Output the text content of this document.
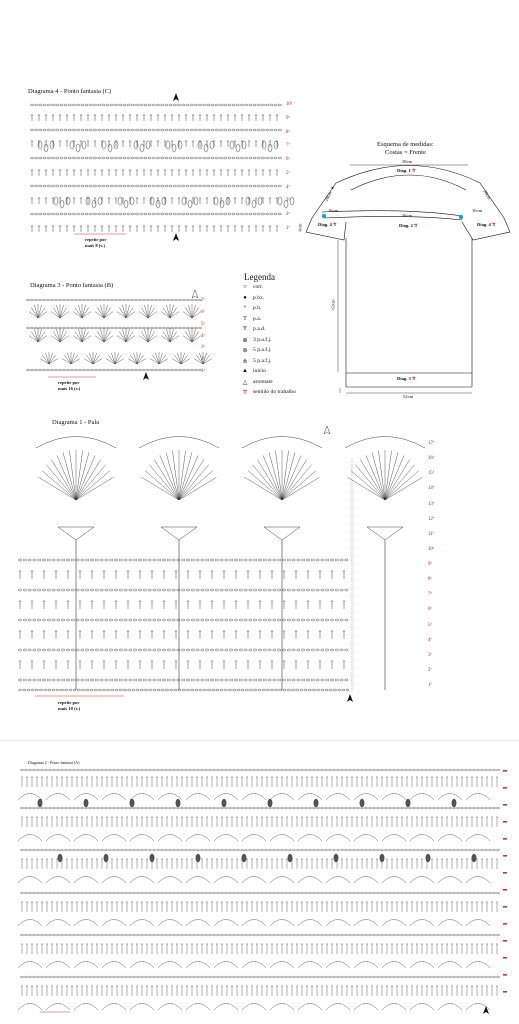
Diagrama 4 - Ponto fantasia (C)
10ª
9ª
8ª
7ª
6ª
5ª
4ª
3ª
2ª
1ª
repetir por
mais 8 (v.)
Diagrama 3 - Ponto fantasia (B)
7ª
6ª
5ª
4ª
3ª
2ª
1ª
repetir por
mais 16 (v.)
Legenda
○	corr.
●	p.bx.
+	p.b.
T	p.a.
Ŧ	p.a.d.
⊕ 3 p.a.f.j.
⊛ 5 p.a.f.j.
⋔ 5 p.a.f.j.
▲ início
△	arremate
⇈ sentido do trabalho
Esquema de medidas:
Costas = Frente
▲
38cm
Diag. 1 ⇈
20cm	20cm
16cm	16cm
38cm
Diag. 4 ⇈	Diag. 4 ⇈
Diag. 2 ⇈
8cm
62cm
Diag. 3 ⇈
52cm
Diagrama 1 - Pala
17ª
16ª
15ª
14ª
13ª
12ª
11ª
10ª
9ª
8ª
7ª
6ª
5ª
4ª
3ª
2ª
1ª
repetir por
mais 18 (v.)
Diagrama 2 - Ponto fantasia (A)
